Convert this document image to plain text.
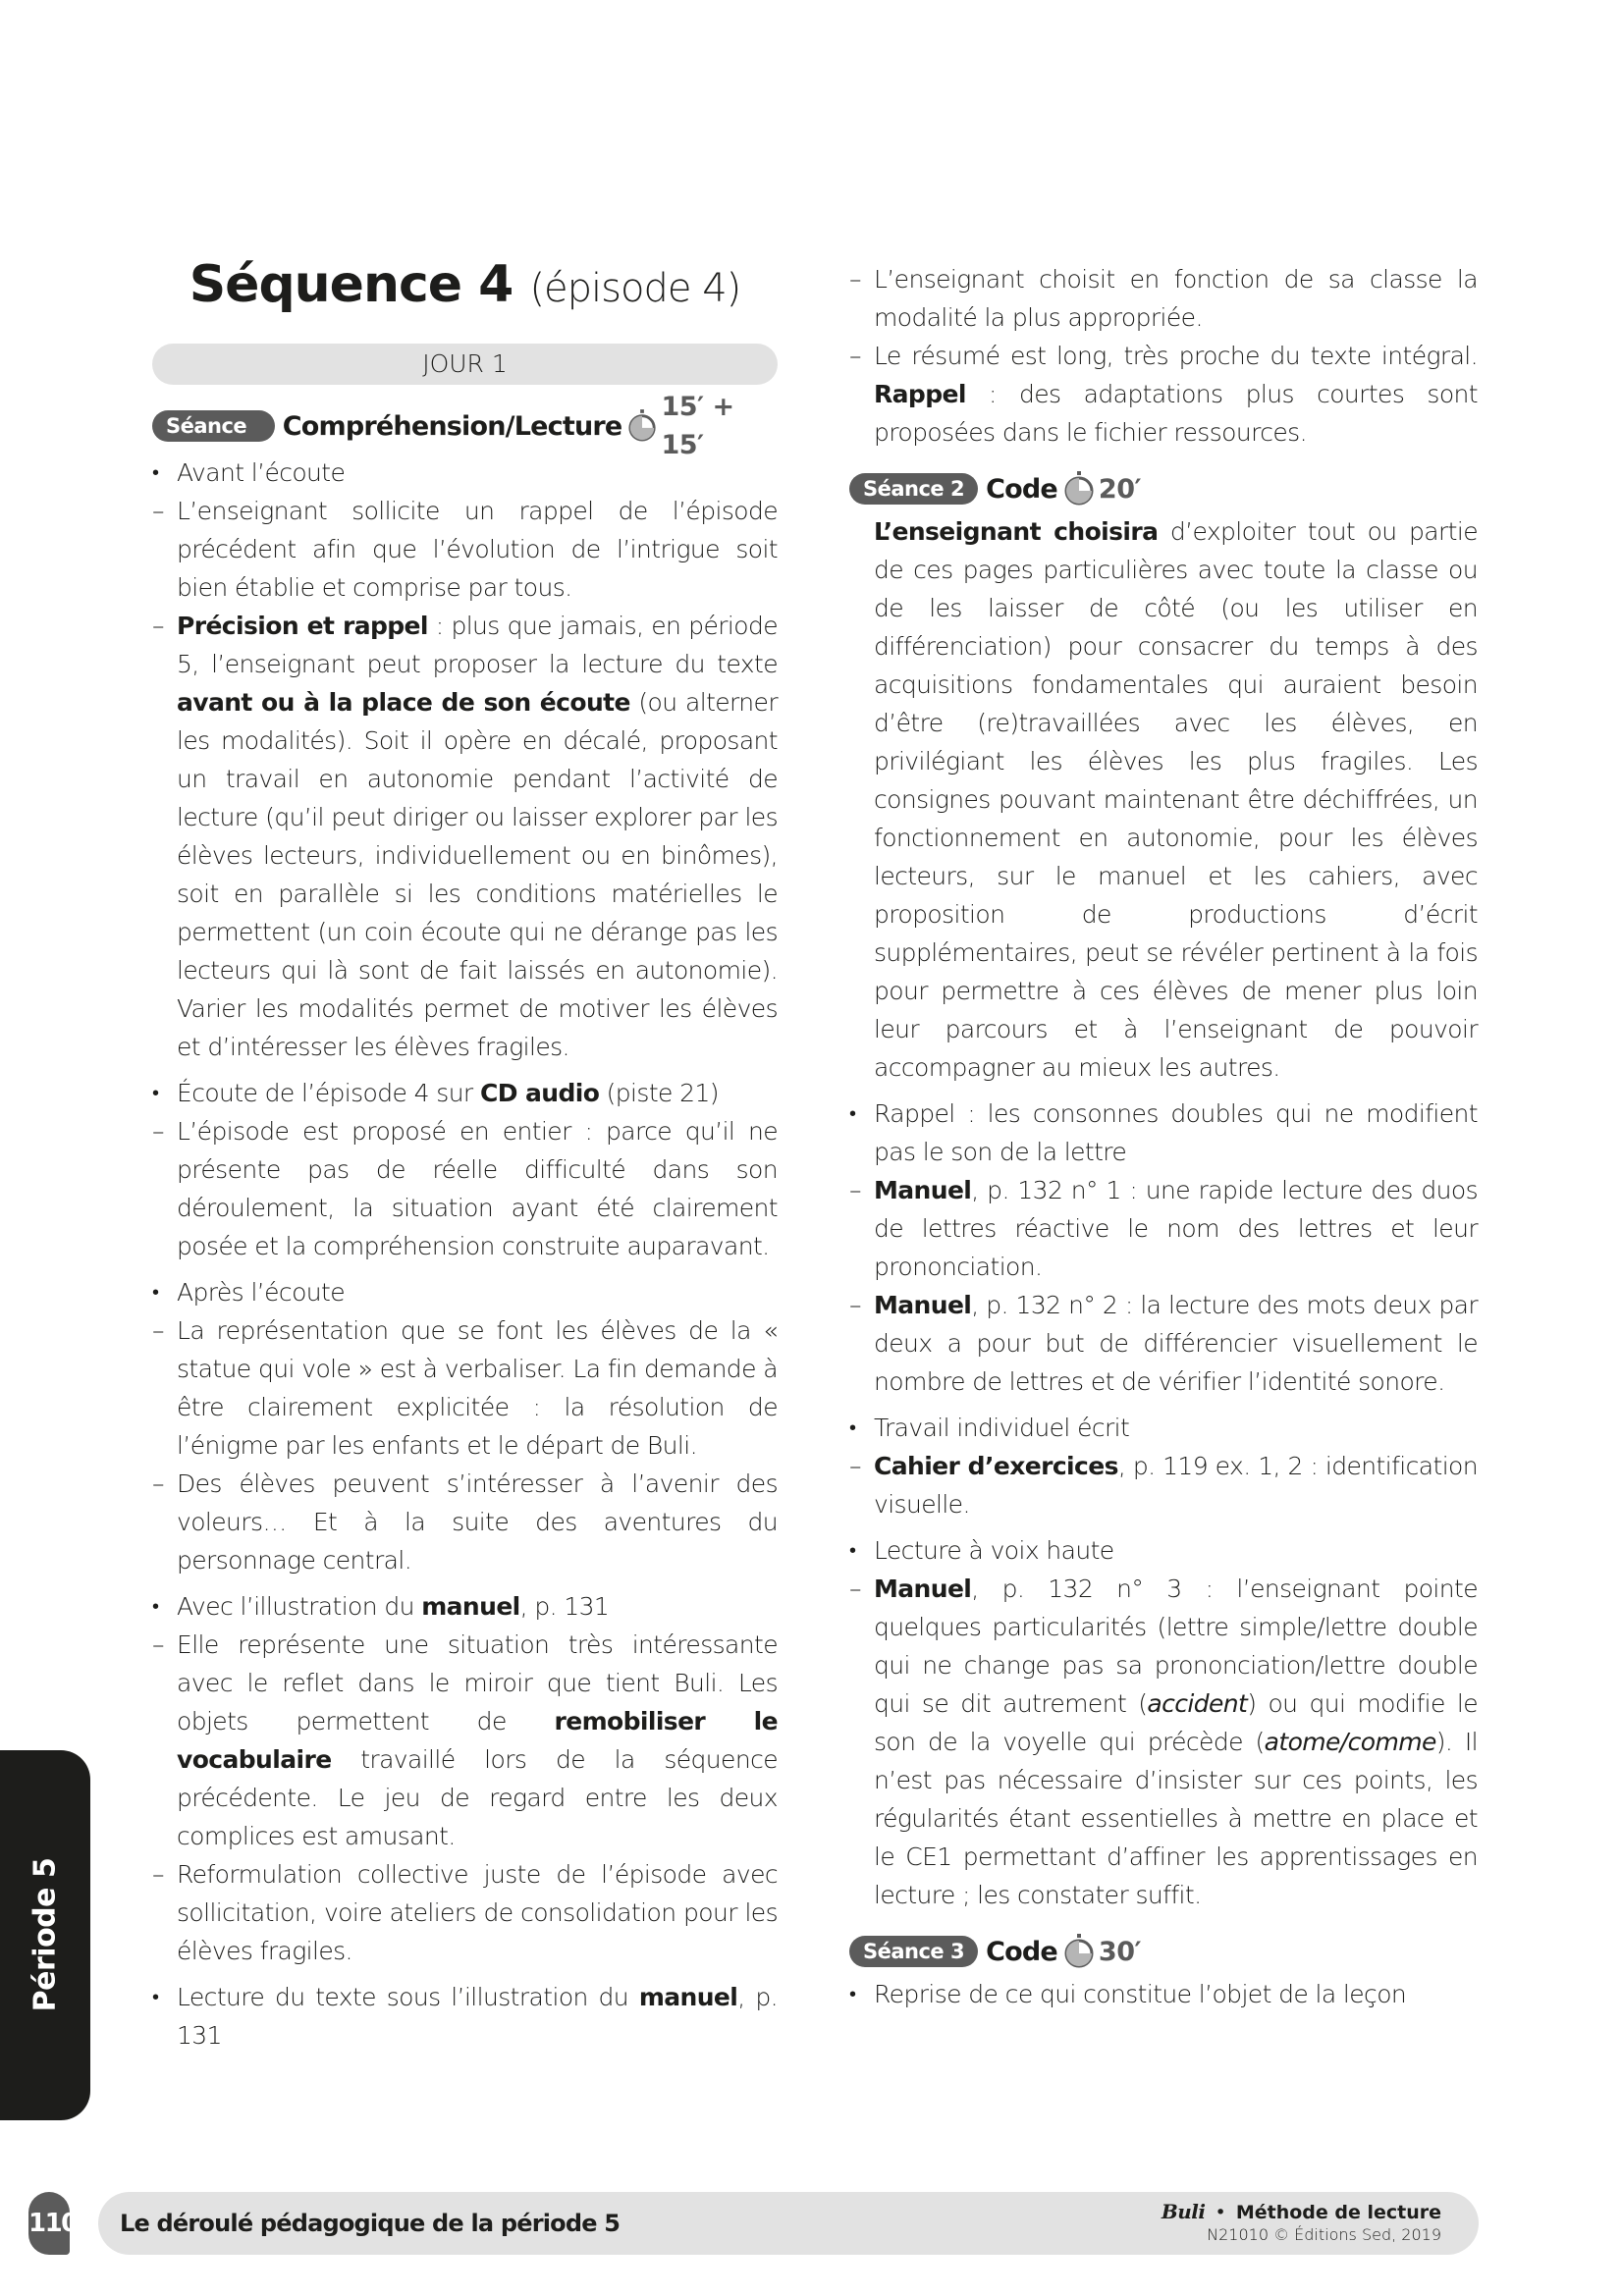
Séquence 4 (épisode 4)
JOUR 1
Séance 1
Compréhension/Lecture
15′ + 15′
• Avant l’écoute
– L’enseignant sollicite un rappel de l’épisode précédent afin que l’évolution de l’intrigue soit bien établie et comprise par tous.
– Précision et rappel : plus que jamais, en période 5, l’enseignant peut proposer la lecture du texte avant ou à la place de son écoute (ou alterner les modalités). Soit il opère en décalé, proposant un travail en autonomie pendant l’activité de lecture (qu’il peut diriger ou laisser explorer par les élèves lecteurs, individuellement ou en binômes), soit en parallèle si les conditions matérielles le permettent (un coin écoute qui ne dérange pas les lecteurs qui là sont de fait laissés en autonomie). Varier les modalités permet de motiver les élèves et d’intéresser les élèves fragiles.
• Écoute de l’épisode 4 sur CD audio (piste 21)
– L’épisode est proposé en entier : parce qu’il ne présente pas de réelle difficulté dans son déroulement, la situation ayant été clairement posée et la compréhension construite auparavant.
• Après l’écoute
– La représentation que se font les élèves de la « statue qui vole » est à verbaliser. La fin demande à être clairement explicitée : la résolution de l’énigme par les enfants et le départ de Buli.
– Des élèves peuvent s’intéresser à l’avenir des voleurs… Et à la suite des aventures du personnage central.
• Avec l’illustration du manuel, p. 131
– Elle représente une situation très intéressante avec le reflet dans le miroir que tient Buli. Les objets permettent de remobiliser le vocabulaire travaillé lors de la séquence précédente. Le jeu de regard entre les deux complices est amusant.
– Reformulation collective juste de l’épisode avec sollicitation, voire ateliers de consolidation pour les élèves fragiles.
• Lecture du texte sous l’illustration du manuel, p. 131
– L’enseignant choisit en fonction de sa classe la modalité la plus appropriée.
– Le résumé est long, très proche du texte intégral. Rappel : des adaptations plus courtes sont proposées dans le fichier ressources.
Séance 2 Code 20′
L’enseignant choisira d’exploiter tout ou partie de ces pages particulières avec toute la classe ou de les laisser de côté (ou les utiliser en différenciation) pour consacrer du temps à des acquisitions fondamentales qui auraient besoin d’être (re)travaillées avec les élèves, en privilégiant les élèves les plus fragiles. Les consignes pouvant maintenant être déchiffrées, un fonctionnement en autonomie, pour les élèves lecteurs, sur le manuel et les cahiers, avec proposition de productions d’écrit supplémentaires, peut se révéler pertinent à la fois pour permettre à ces élèves de mener plus loin leur parcours et à l’enseignant de pouvoir accompagner au mieux les autres.
• Rappel : les consonnes doubles qui ne modifient pas le son de la lettre
– Manuel, p. 132 n° 1 : une rapide lecture des duos de lettres réactive le nom des lettres et leur prononciation.
– Manuel, p. 132 n° 2 : la lecture des mots deux par deux a pour but de différencier visuellement le nombre de lettres et de vérifier l’identité sonore.
• Travail individuel écrit
– Cahier d’exercices, p. 119 ex. 1, 2 : identification visuelle.
• Lecture à voix haute
– Manuel, p. 132 n° 3 : l’enseignant pointe quelques particularités (lettre simple/lettre double qui ne change pas sa prononciation/lettre double qui se dit autrement (accident) ou qui modifie le son de la voyelle qui précède (atome/comme). Il n’est pas nécessaire d’insister sur ces points, les régularités étant essentielles à mettre en place et le CE1 permettant d’affiner les apprentissages en lecture ; les constater suffit.
Séance 3 Code 30′
• Reprise de ce qui constitue l’objet de la leçon
Période 5
110 Le déroulé pédagogique de la période 5	Buli • Méthode de lecture
N21010 © Éditions Sed, 2019
